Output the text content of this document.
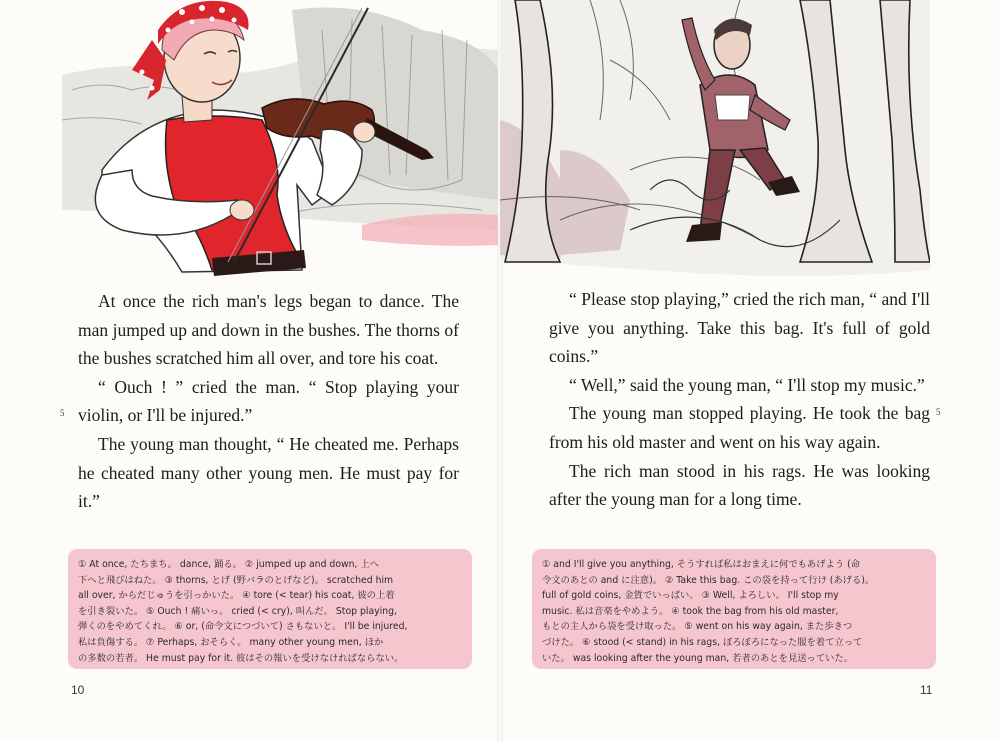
At once the rich man's legs began to dance. The man jumped up and down in the bushes. The thorns of the bushes scratched him all over, and tore his coat.

“ Ouch ! ” cried the man. “ Stop playing your violin, or I'll be injured.”

The young man thought, “ He cheated me. Perhaps he cheated many other young men. He must pay for it.”

5
① At once, たちまち。 dance, 踊る。 ② jumped up and down, 上へ
下へと飛びはねた。 ③ thorns, とげ (野バラのとげなど)。 scratched him
all over, からだじゅうを引っかいた。 ④ tore (< tear) his coat, 彼の上着
を引き裂いた。 ⑤ Ouch ! 痛いっ。 cried (< cry), 叫んだ。 Stop playing,
弾くのをやめてくれ。 ⑥ or, (命令文につづいて) さもないと。 I'll be injured,
私は負傷する。 ⑦ Perhaps, おそらく。 many other young men, ほか
の多数の若者。 He must pay for it. 彼はその報いを受けなければならない。
10

“ Please stop playing,” cried the rich man, “ and I'll give you anything. Take this bag. It's full of gold coins.”

“ Well,” said the young man, “ I'll stop my music.”

The young man stopped playing. He took the bag from his old master and went on his way again.

The rich man stood in his rags. He was looking after the young man for a long time.

5
① and I'll give you anything, そうすれば私はおまえに何でもあげよう (命
令文のあとの and に注意)。 ② Take this bag. この袋を持って行け (あげる)。
full of gold coins, 金貨でいっぱい。 ③ Well, よろしい。 I'll stop my
music. 私は音楽をやめよう。 ④ took the bag from his old master,
もとの主人から袋を受け取った。 ⑤ went on his way again, また歩きつ
づけた。 ⑥ stood (< stand) in his rags, ぼろぼろになった服を着て立って
いた。 was looking after the young man, 若者のあとを見送っていた。
11
